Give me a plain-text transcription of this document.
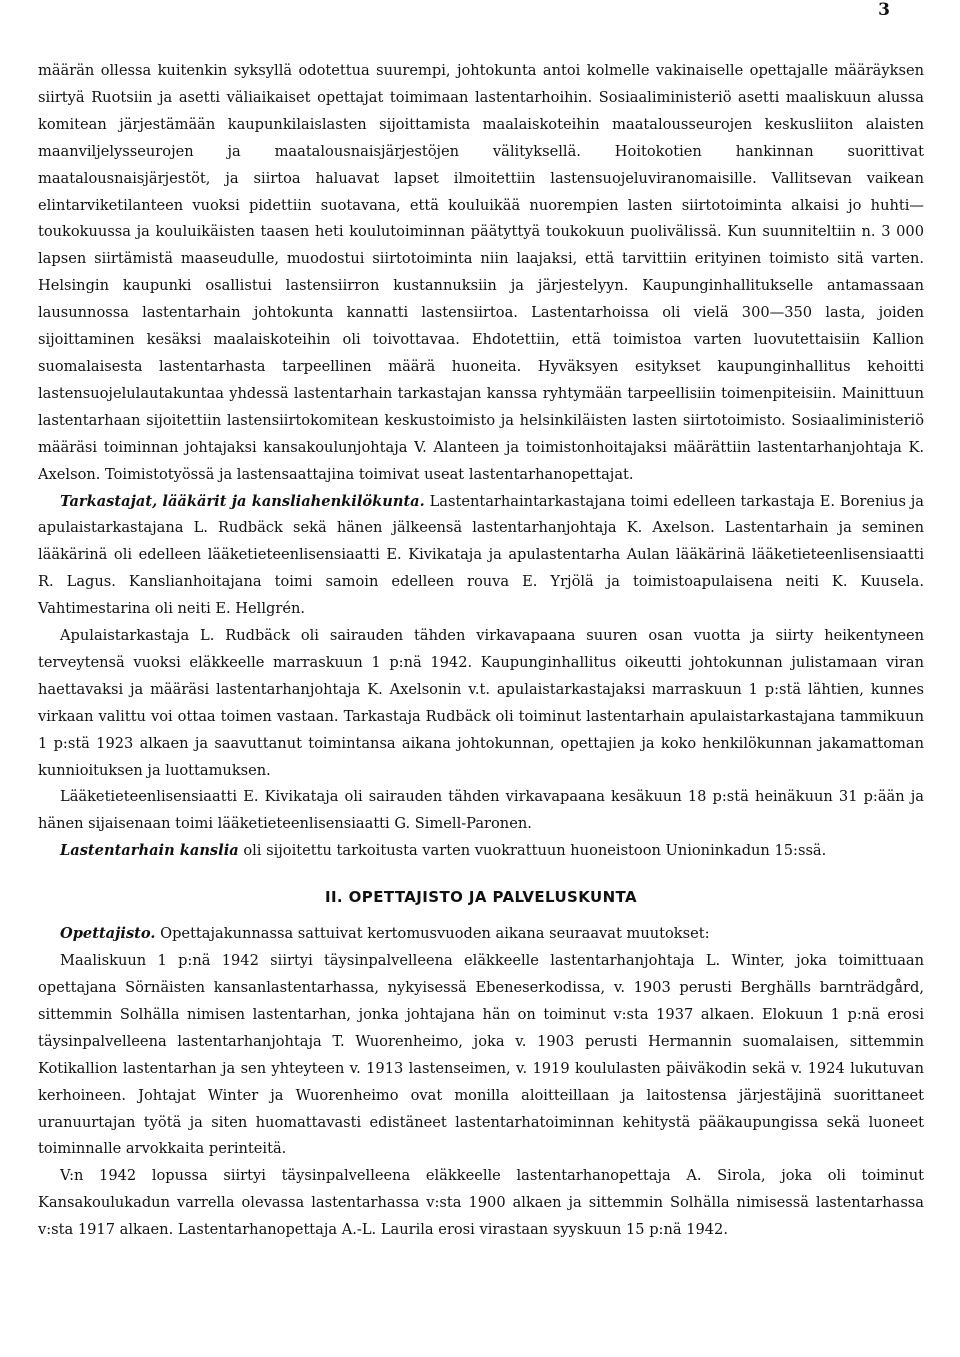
3

määrän ollessa kuitenkin syksyllä odotettua suurempi, johtokunta antoi kolmelle vakinaiselle opettajalle määräyksen siirtyä Ruotsiin ja asetti väliaikaiset opettajat toimimaan lastentarhoihin. Sosiaaliministeriö asetti maaliskuun alussa komitean järjestämään kaupunkilaislasten sijoittamista maalaiskoteihin maatalousseurojen keskusliiton alaisten maanviljelysseurojen ja maatalousnaisjärjestöjen välityksellä. Hoitokotien hankinnan suorittivat maatalousnaisjärjestöt, ja siirtoa haluavat lapset ilmoitettiin lastensuojeluviranomaisille. Vallitsevan vaikean elintarviketilanteen vuoksi pidettiin suotavana, että kouluikää nuorempien lasten siirtotoiminta alkaisi jo huhti—toukokuussa ja kouluikäisten taasen heti koulutoiminnan päätyttyä toukokuun puolivälissä. Kun suunniteltiin n. 3 000 lapsen siirtämistä maaseudulle, muodostui siirtotoiminta niin laajaksi, että tarvittiin erityinen toimisto sitä varten. Helsingin kaupunki osallistui lastensiirron kustannuksiin ja järjestelyyn. Kaupunginhallitukselle antamassaan lausunnossa lastentarhain johtokunta kannatti lastensiirtoa. Lastentarhoissa oli vielä 300—350 lasta, joiden sijoittaminen kesäksi maalaiskoteihin oli toivottavaa. Ehdotettiin, että toimistoa varten luovutettaisiin Kallion suomalaisesta lastentarhasta tarpeellinen määrä huoneita. Hyväksyen esitykset kaupunginhallitus kehoitti lastensuojelulautakuntaa yhdessä lastentarhain tarkastajan kanssa ryhtymään tarpeellisiin toimenpiteisiin. Mainittuun lastentarhaan sijoitettiin lastensiirtokomitean keskustoimisto ja helsinkiläisten lasten siirtotoimisto. Sosiaaliministeriö määräsi toiminnan johtajaksi kansakoulunjohtaja V. Alanteen ja toimistonhoitajaksi määrättiin lastentarhanjohtaja K. Axelson. Toimistotyössä ja lastensaattajina toimivat useat lastentarhanopettajat.

Tarkastajat, lääkärit ja kansliahenkilökunta. Lastentarhaintarkastajana toimi edelleen tarkastaja E. Borenius ja apulaistarkastajana L. Rudbäck sekä hänen jälkeensä lastentarhanjohtaja K. Axelson. Lastentarhain ja seminen lääkärinä oli edelleen lääketieteenlisensiaatti E. Kivikataja ja apulastentarha Aulan lääkärinä lääketieteenlisensiaatti R. Lagus. Kanslianhoitajana toimi samoin edelleen rouva E. Yrjölä ja toimistoapulaisena neiti K. Kuusela. Vahtimestarina oli neiti E. Hellgrén.

Apulaistarkastaja L. Rudbäck oli sairauden tähden virkavapaana suuren osan vuotta ja siirty heikentyneen terveytensä vuoksi eläkkeelle marraskuun 1 p:nä 1942. Kaupunginhallitus oikeutti johtokunnan julistamaan viran haettavaksi ja määräsi lastentarhanjohtaja K. Axelsonin v.t. apulaistarkastajaksi marraskuun 1 p:stä lähtien, kunnes virkaan valittu voi ottaa toimen vastaan. Tarkastaja Rudbäck oli toiminut lastentarhain apulaistarkastajana tammikuun 1 p:stä 1923 alkaen ja saavuttanut toimintansa aikana johtokunnan, opettajien ja koko henkilökunnan jakamattoman kunnioituksen ja luottamuksen.

Lääketieteenlisensiaatti E. Kivikataja oli sairauden tähden virkavapaana kesäkuun 18 p:stä heinäkuun 31 p:ään ja hänen sijaisenaan toimi lääketieteenlisensiaatti G. Simell-Paronen.

Lastentarhain kanslia oli sijoitettu tarkoitusta varten vuokrattuun huoneistoon Unioninkadun 15:ssä.

II. OPETTAJISTO JA PALVELUSKUNTA

Opettajisto. Opettajakunnassa sattuivat kertomusvuoden aikana seuraavat muutokset:

Maaliskuun 1 p:nä 1942 siirtyi täysinpalvelleena eläkkeelle lastentarhanjohtaja L. Winter, joka toimittuaan opettajana Sörnäisten kansanlastentarhassa, nykyisessä Ebeneserkodissa, v. 1903 perusti Berghälls barnträdgård, sittemmin Solhälla nimisen lastentarhan, jonka johtajana hän on toiminut v:sta 1937 alkaen. Elokuun 1 p:nä erosi täysinpalvelleena lastentarhanjohtaja T. Wuorenheimo, joka v. 1903 perusti Hermannin suomalaisen, sittemmin Kotikallion lastentarhan ja sen yhteyteen v. 1913 lastenseimen, v. 1919 koululasten päiväkodin sekä v. 1924 lukutuvan kerhoineen. Johtajat Winter ja Wuorenheimo ovat monilla aloitteillaan ja laitostensa järjestäjinä suorittaneet uranuurtajan työtä ja siten huomattavasti edistäneet lastentarhatoiminnan kehitystä pääkaupungissa sekä luoneet toiminnalle arvokkaita perinteitä.

V:n 1942 lopussa siirtyi täysinpalvelleena eläkkeelle lastentarhanopettaja A. Sirola, joka oli toiminut Kansakoulukadun varrella olevassa lastentarhassa v:sta 1900 alkaen ja sittemmin Solhälla nimisessä lastentarhassa v:sta 1917 alkaen. Lastentarhanopettaja A.-L. Laurila erosi virastaan syyskuun 15 p:nä 1942.
